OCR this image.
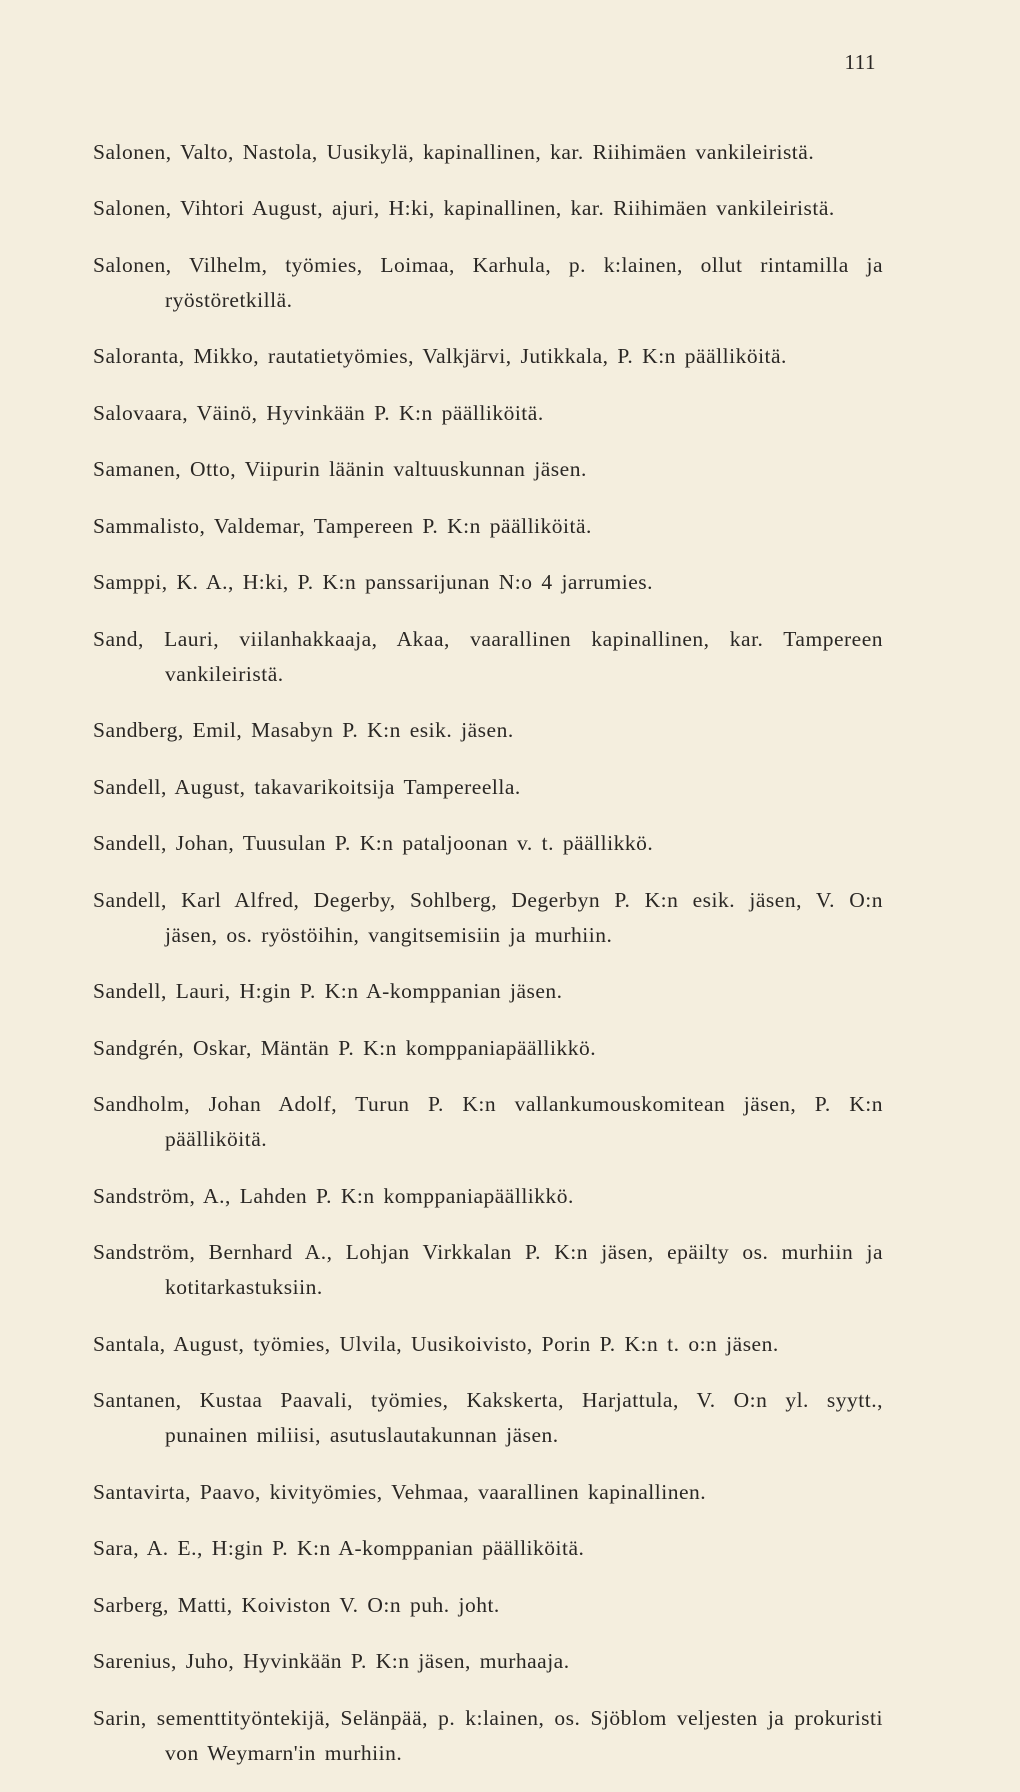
111

Salonen, Valto, Nastola, Uusikylä, kapinallinen, kar. Riihimäen vankileiristä.

Salonen, Vihtori August, ajuri, H:ki, kapinallinen, kar. Riihimäen vankileiristä.

Salonen, Vilhelm, työmies, Loimaa, Karhula, p. k:lainen, ollut rintamilla ja ryöstöretkillä.

Saloranta, Mikko, rautatietyömies, Valkjärvi, Jutikkala, P. K:n päälliköitä.

Salovaara, Väinö, Hyvinkään P. K:n päälliköitä.

Samanen, Otto, Viipurin läänin valtuuskunnan jäsen.

Sammalisto, Valdemar, Tampereen P. K:n päälliköitä.

Samppi, K. A., H:ki, P. K:n panssarijunan N:o 4 jarrumies.

Sand, Lauri, viilanhakkaaja, Akaa, vaarallinen kapinallinen, kar. Tampereen vankileiristä.

Sandberg, Emil, Masabyn P. K:n esik. jäsen.

Sandell, August, takavarikoitsija Tampereella.

Sandell, Johan, Tuusulan P. K:n pataljoonan v. t. päällikkö.

Sandell, Karl Alfred, Degerby, Sohlberg, Degerbyn P. K:n esik. jäsen, V. O:n jäsen, os. ryöstöihin, vangitsemisiin ja murhiin.

Sandell, Lauri, H:gin P. K:n A-komppanian jäsen.

Sandgrén, Oskar, Mäntän P. K:n komppaniapäällikkö.

Sandholm, Johan Adolf, Turun P. K:n vallankumouskomitean jäsen, P. K:n päälliköitä.

Sandström, A., Lahden P. K:n komppaniapäällikkö.

Sandström, Bernhard A., Lohjan Virkkalan P. K:n jäsen, epäilty os. murhiin ja kotitarkastuksiin.

Santala, August, työmies, Ulvila, Uusikoivisto, Porin P. K:n t. o:n jäsen.

Santanen, Kustaa Paavali, työmies, Kakskerta, Harjattula, V. O:n yl. syytt., punainen miliisi, asutuslautakunnan jäsen.

Santavirta, Paavo, kivityömies, Vehmaa, vaarallinen kapinallinen.

Sara, A. E., H:gin P. K:n A-komppanian päälliköitä.

Sarberg, Matti, Koiviston V. O:n puh. joht.

Sarenius, Juho, Hyvinkään P. K:n jäsen, murhaaja.

Sarin, sementtityöntekijä, Selänpää, p. k:lainen, os. Sjöblom veljesten ja prokuristi von Weymarn'in murhiin.
